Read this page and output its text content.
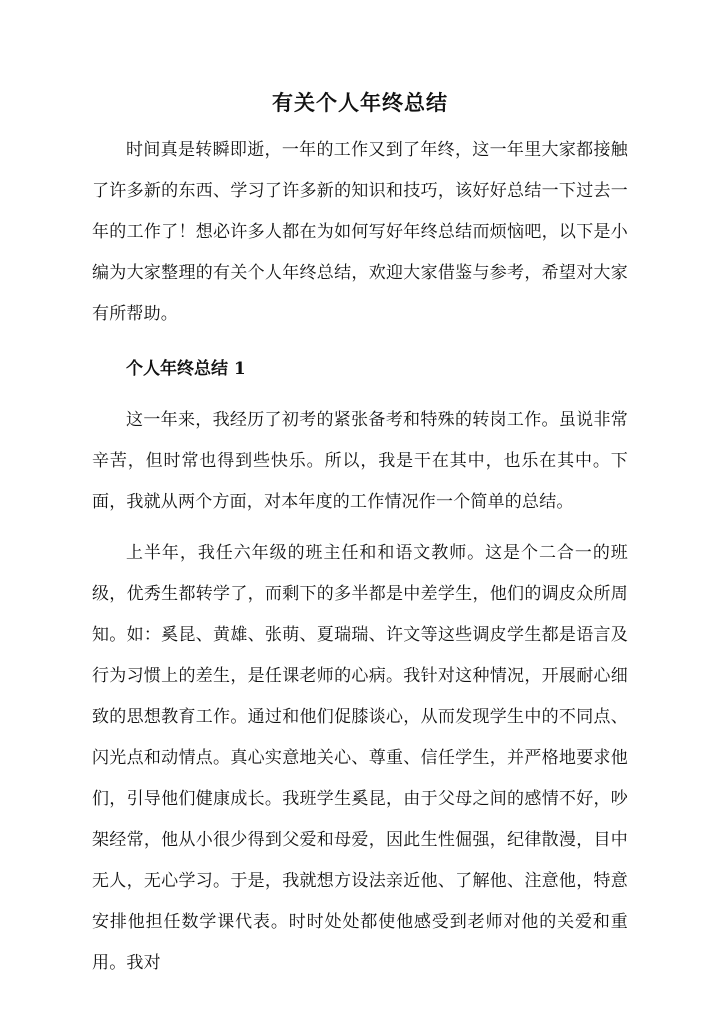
有关个人年终总结

时间真是转瞬即逝，一年的工作又到了年终，这一年里大家都接触了许多新的东西、学习了许多新的知识和技巧，该好好总结一下过去一年的工作了！想必许多人都在为如何写好年终总结而烦恼吧，以下是小编为大家整理的有关个人年终总结，欢迎大家借鉴与参考，希望对大家有所帮助。

个人年终总结 1

这一年来，我经历了初考的紧张备考和特殊的转岗工作。虽说非常辛苦，但时常也得到些快乐。所以，我是干在其中，也乐在其中。下面，我就从两个方面，对本年度的工作情况作一个简单的总结。

上半年，我任六年级的班主任和和语文教师。这是个二合一的班级，优秀生都转学了，而剩下的多半都是中差学生，他们的调皮众所周知。如：奚昆、黄雄、张萌、夏瑞瑞、许文等这些调皮学生都是语言及行为习惯上的差生，是任课老师的心病。我针对这种情况，开展耐心细致的思想教育工作。通过和他们促膝谈心，从而发现学生中的不同点、闪光点和动情点。真心实意地关心、尊重、信任学生，并严格地要求他们，引导他们健康成长。我班学生奚昆，由于父母之间的感情不好，吵架经常，他从小很少得到父爱和母爱，因此生性倔强，纪律散漫，目中无人，无心学习。于是，我就想方设法亲近他、了解他、注意他，特意安排他担任数学课代表。时时处处都使他感受到老师对他的关爱和重用。我对
